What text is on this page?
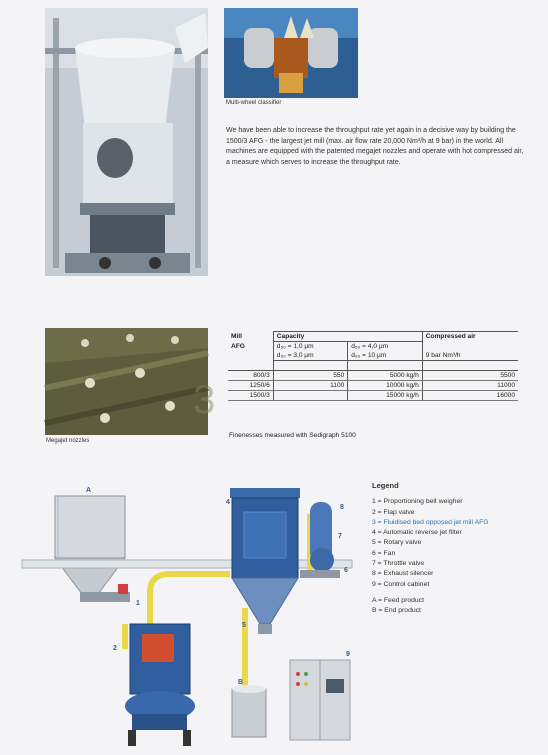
Multi-wheel classifier
We have been able to increase the throughput rate yet again in a decisive way by building the 1500/3 AFG - the largest jet mill (max. air flow rate 20,000 Nm³/h at 9 bar) in the world. All machines are equipped with the patented megajet nozzles and operate with hot compressed air, a measure which serves to increase the throughput rate.
3
Megajet nozzles
Mill	Capacity		Compressed air
AFG	d₅₀ = 1,0 µm	d₅₀ = 4,0 µm	
	d₉₀ = 3,0 µm	d₉₀ = 10 µm	9 bar Nm³/h

800/3	550	5000 kg/h	5500
1250/6	1100	10000 kg/h	11000
1500/3		15000 kg/h	16000
Finenesses measured with Sedigraph 5100
A
B
1
2
3
4
5
6
7
8
9
Legend
1 = Proportioning belt weigher
2 = Flap valve
3 = Fluidised bed opposed jet mill AFG
4 = Automatic reverse jet filter
5 = Rotary valve
6 = Fan
7 = Throttle valve
8 = Exhaust silencer
9 = Control cabinet
A = Feed product
B = End product
